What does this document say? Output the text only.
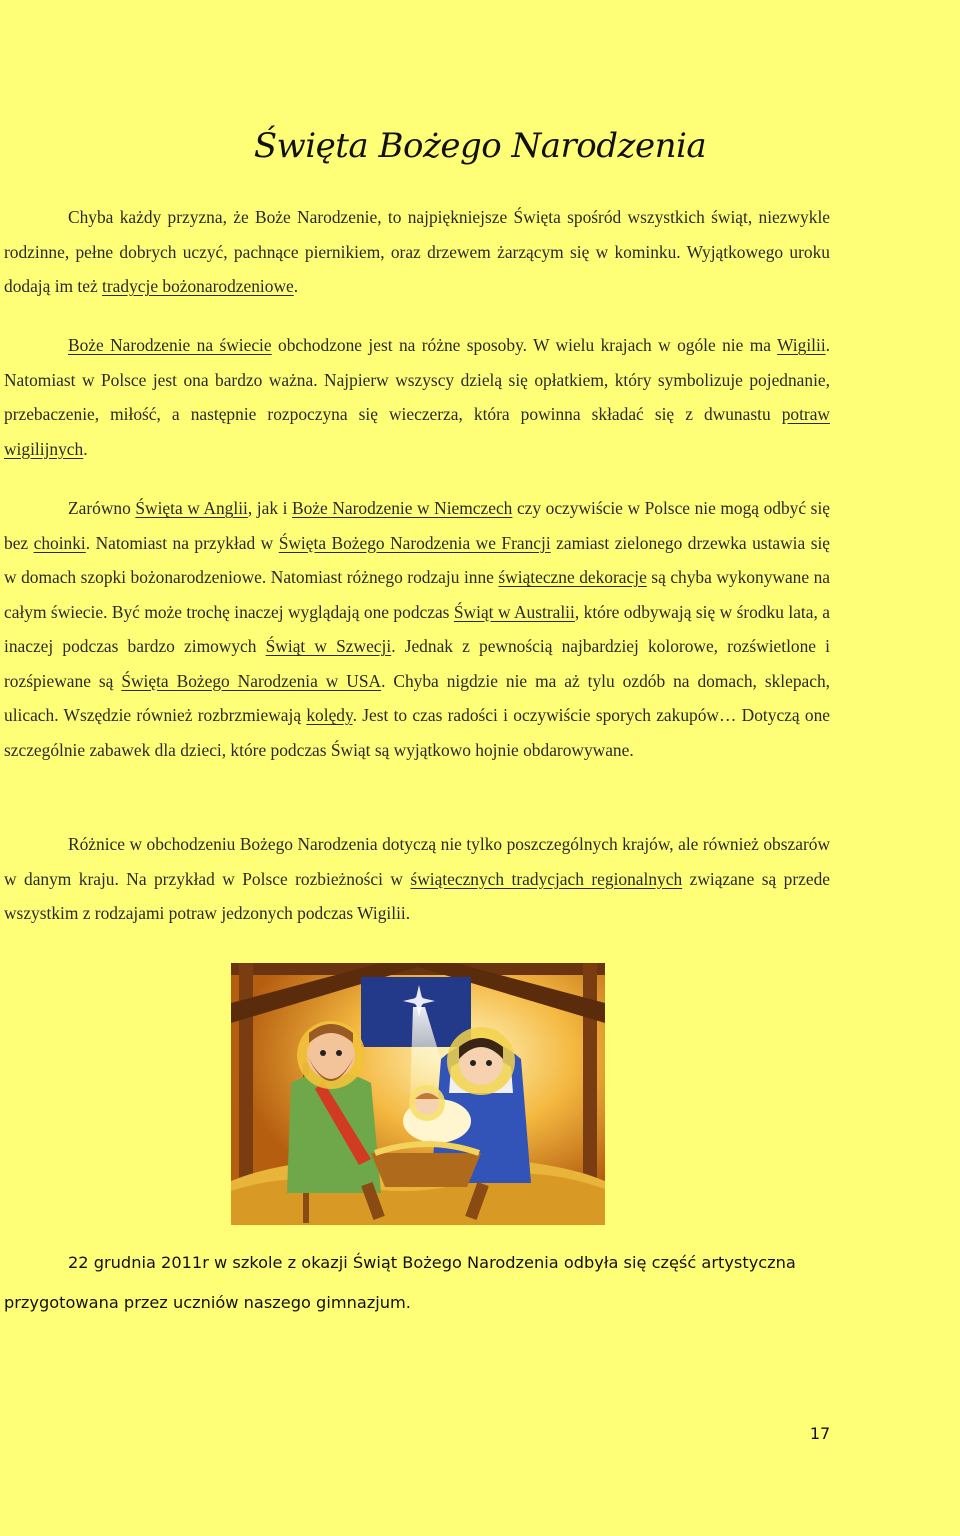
Święta Bożego Narodzenia

Chyba każdy przyzna, że Boże Narodzenie, to najpiękniejsze Święta spośród wszystkich świąt, niezwykle rodzinne, pełne dobrych uczyć, pachnące piernikiem, oraz drzewem żarzącym się w kominku. Wyjątkowego uroku dodają im też tradycje bożonarodzeniowe.

Boże Narodzenie na świecie obchodzone jest na różne sposoby. W wielu krajach w ogóle nie ma Wigilii. Natomiast w Polsce jest ona bardzo ważna. Najpierw wszyscy dzielą się opłatkiem, który symbolizuje pojednanie, przebaczenie, miłość, a następnie rozpoczyna się wieczerza, która powinna składać się z dwunastu potraw wigilijnych.

Zarówno Święta w Anglii, jak i Boże Narodzenie w Niemczech czy oczywiście w Polsce nie mogą odbyć się bez choinki. Natomiast na przykład w Święta Bożego Narodzenia we Francji zamiast zielonego drzewka ustawia się w domach szopki bożonarodzeniowe. Natomiast różnego rodzaju inne świąteczne dekoracje są chyba wykonywane na całym świecie. Być może trochę inaczej wyglądają one podczas Świąt w Australii, które odbywają się w środku lata, a inaczej podczas bardzo zimowych Świąt w Szwecji. Jednak z pewnością najbardziej kolorowe, rozświetlone i rozśpiewane są Święta Bożego Narodzenia w USA. Chyba nigdzie nie ma aż tylu ozdób na domach, sklepach, ulicach. Wszędzie również rozbrzmiewają kolędy. Jest to czas radości i oczywiście sporych zakupów… Dotyczą one szczególnie zabawek dla dzieci, które podczas Świąt są wyjątkowo hojnie obdarowywane.

Różnice w obchodzeniu Bożego Narodzenia dotyczą nie tylko poszczególnych krajów, ale również obszarów w danym kraju. Na przykład w Polsce rozbieżności w świątecznych tradycjach regionalnych związane są przede wszystkim z rodzajami potraw jedzonych podczas Wigilii.

22 grudnia 2011r w szkole z okazji Świąt Bożego Narodzenia odbyła się część artystyczna
przygotowana przez uczniów naszego gimnazjum.

17
